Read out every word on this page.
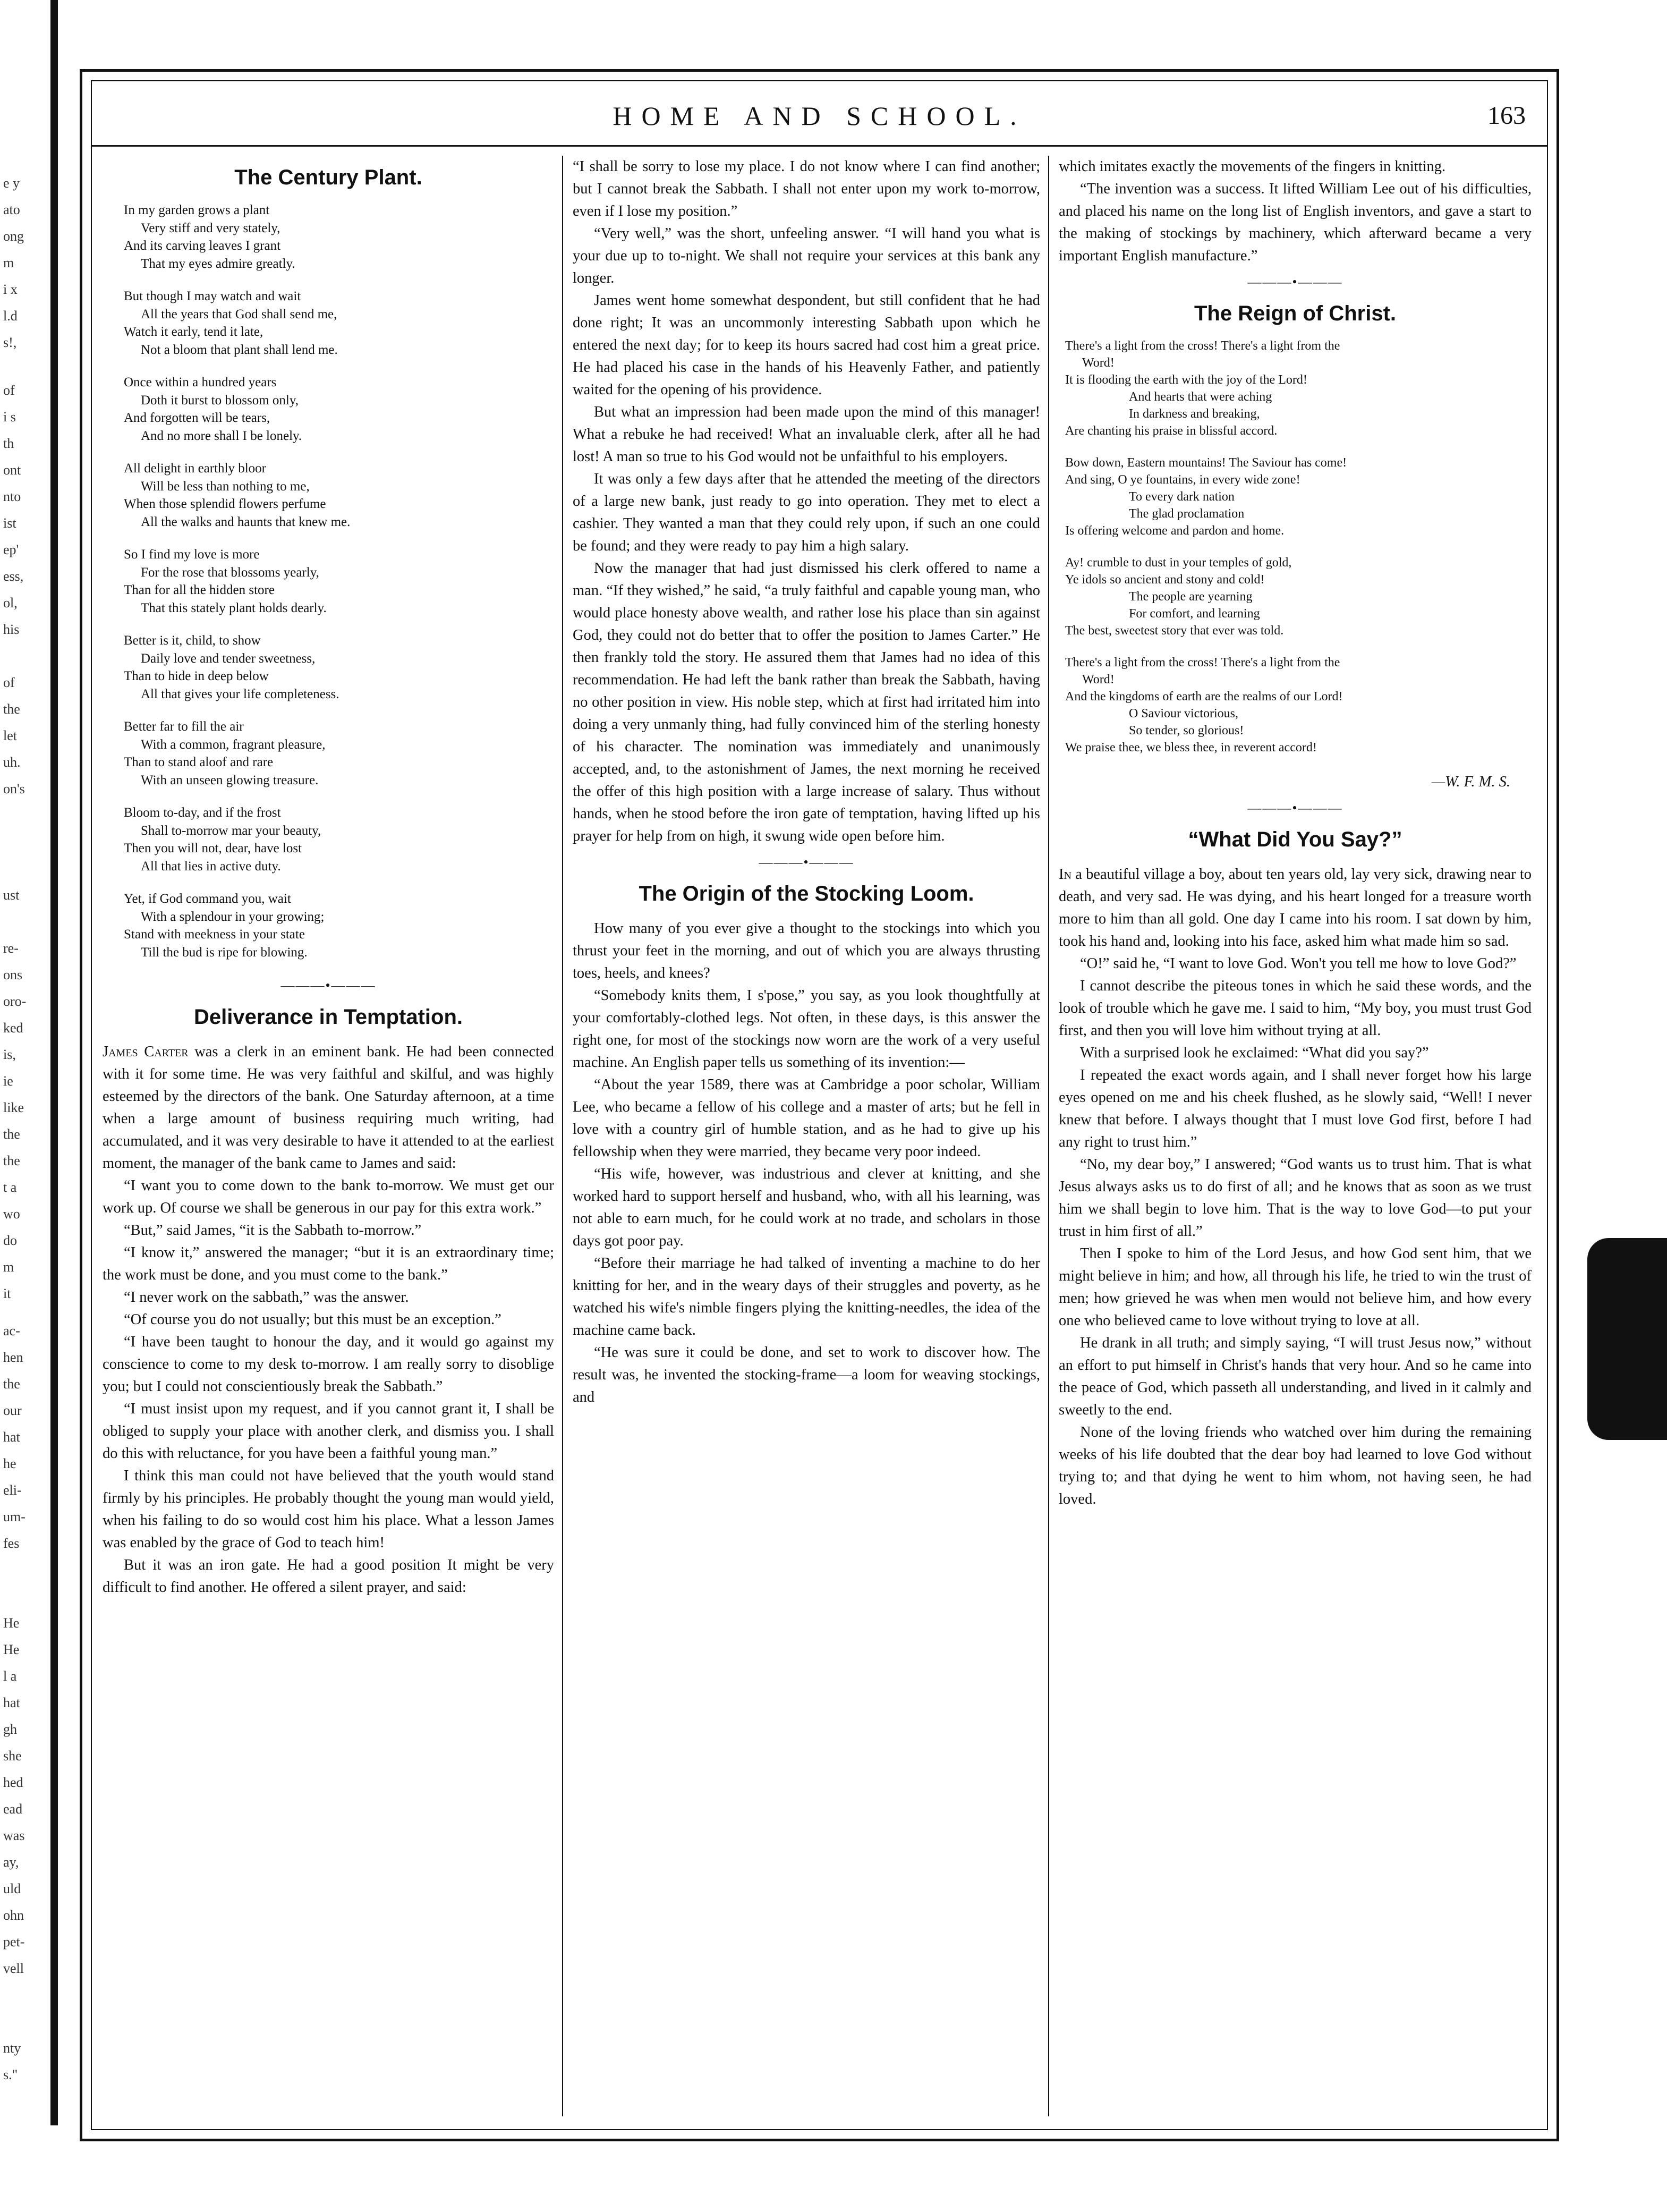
e y
ato
ong
m
i x
l.d
s!,
of
i s
th
ont
nto
ist
ep'
ess,
ol,
his
of
the
let
uh.
on's
ust
re-
ons
oro-
ked
is,
ie
like
the
the
t a
wo
do
m
it
ac-
hen
the
our
hat
he
eli-
um-
fes
He
He
l a
hat
gh
she
hed
ead
was
ay,
uld
ohn
pet-
vell
nty
s."
HOME AND SCHOOL.	163
The Century Plant.
In my garden grows a plant
Very stiff and very stately,
And its carving leaves I grant
That my eyes admire greatly.
But though I may watch and wait
All the years that God shall send me,
Watch it early, tend it late,
Not a bloom that plant shall lend me.
Once within a hundred years
Doth it burst to blossom only,
And forgotten will be tears,
And no more shall I be lonely.
All delight in earthly bloor
Will be less than nothing to me,
When those splendid flowers perfume
All the walks and haunts that knew me.
So I find my love is more
For the rose that blossoms yearly,
Than for all the hidden store
That this stately plant holds dearly.
Better is it, child, to show
Daily love and tender sweetness,
Than to hide in deep below
All that gives your life completeness.
Better far to fill the air
With a common, fragrant pleasure,
Than to stand aloof and rare
With an unseen glowing treasure.
Bloom to-day, and if the frost
Shall to-morrow mar your beauty,
Then you will not, dear, have lost
All that lies in active duty.
Yet, if God command you, wait
With a splendour in your growing;
Stand with meekness in your state
Till the bud is ripe for blowing.
———•———
Deliverance in Temptation.

James Carter was a clerk in an eminent bank. He had been connected with it for some time. He was very faithful and skilful, and was highly esteemed by the directors of the bank. One Saturday afternoon, at a time when a large amount of business requiring much writing, had accumulated, and it was very desirable to have it attended to at the earliest moment, the manager of the bank came to James and said:

“I want you to come down to the bank to-morrow. We must get our work up. Of course we shall be generous in our pay for this extra work.”

“But,” said James, “it is the Sabbath to-morrow.”

“I know it,” answered the manager; “but it is an extraordinary time; the work must be done, and you must come to the bank.”

“I never work on the sabbath,” was the answer.

“Of course you do not usually; but this must be an exception.”

“I have been taught to honour the day, and it would go against my conscience to come to my desk to-morrow. I am really sorry to disoblige you; but I could not conscientiously break the Sabbath.”

“I must insist upon my request, and if you cannot grant it, I shall be obliged to supply your place with another clerk, and dismiss you. I shall do this with reluctance, for you have been a faithful young man.”

I think this man could not have believed that the youth would stand firmly by his principles. He probably thought the young man would yield, when his failing to do so would cost him his place. What a lesson James was enabled by the grace of God to teach him!

But it was an iron gate. He had a good position It might be very difficult to find another. He offered a silent prayer, and said:

“I shall be sorry to lose my place. I do not know where I can find another; but I cannot break the Sabbath. I shall not enter upon my work to-morrow, even if I lose my position.”

“Very well,” was the short, unfeeling answer. “I will hand you what is your due up to to-night. We shall not require your services at this bank any longer.

James went home somewhat despondent, but still confident that he had done right; It was an uncommonly interesting Sabbath upon which he entered the next day; for to keep its hours sacred had cost him a great price. He had placed his case in the hands of his Heavenly Father, and patiently waited for the opening of his providence.

But what an impression had been made upon the mind of this manager! What a rebuke he had received! What an invaluable clerk, after all he had lost! A man so true to his God would not be unfaithful to his employers.

It was only a few days after that he attended the meeting of the directors of a large new bank, just ready to go into operation. They met to elect a cashier. They wanted a man that they could rely upon, if such an one could be found; and they were ready to pay him a high salary.

Now the manager that had just dismissed his clerk offered to name a man. “If they wished,” he said, “a truly faithful and capable young man, who would place honesty above wealth, and rather lose his place than sin against God, they could not do better that to offer the position to James Carter.” He then frankly told the story. He assured them that James had no idea of this recommendation. He had left the bank rather than break the Sabbath, having no other position in view. His noble step, which at first had irritated him into doing a very unmanly thing, had fully convinced him of the sterling honesty of his character. The nomination was immediately and unanimously accepted, and, to the astonishment of James, the next morning he received the offer of this high position with a large increase of salary. Thus without hands, when he stood before the iron gate of temptation, having lifted up his prayer for help from on high, it swung wide open before him.

———•———
The Origin of the Stocking Loom.

How many of you ever give a thought to the stockings into which you thrust your feet in the morning, and out of which you are always thrusting toes, heels, and knees?

“Somebody knits them, I s'pose,” you say, as you look thoughtfully at your comfortably-clothed legs. Not often, in these days, is this answer the right one, for most of the stockings now worn are the work of a very useful machine. An English paper tells us something of its invention:—

“About the year 1589, there was at Cambridge a poor scholar, William Lee, who became a fellow of his college and a master of arts; but he fell in love with a country girl of humble station, and as he had to give up his fellowship when they were married, they became very poor indeed.

“His wife, however, was industrious and clever at knitting, and she worked hard to support herself and husband, who, with all his learning, was not able to earn much, for he could work at no trade, and scholars in those days got poor pay.

“Before their marriage he had talked of inventing a machine to do her knitting for her, and in the weary days of their struggles and poverty, as he watched his wife's nimble fingers plying the knitting-needles, the idea of the machine came back.

“He was sure it could be done, and set to work to discover how. The result was, he invented the stocking-frame—a loom for weaving stockings, and

which imitates exactly the movements of the fingers in knitting.

“The invention was a success. It lifted William Lee out of his difficulties, and placed his name on the long list of English inventors, and gave a start to the making of stockings by machinery, which afterward became a very important English manufacture.”

———•———
The Reign of Christ.
There's a light from the cross! There's a light from the
Word!
It is flooding the earth with the joy of the Lord!
And hearts that were aching
In darkness and breaking,
Are chanting his praise in blissful accord.
Bow down, Eastern mountains! The Saviour has come!
And sing, O ye fountains, in every wide zone!
To every dark nation
The glad proclamation
Is offering welcome and pardon and home.
Ay! crumble to dust in your temples of gold,
Ye idols so ancient and stony and cold!
The people are yearning
For comfort, and learning
The best, sweetest story that ever was told.
There's a light from the cross! There's a light from the
Word!
And the kingdoms of earth are the realms of our Lord!
O Saviour victorious,
So tender, so glorious!
We praise thee, we bless thee, in reverent accord!
—W. F. M. S.
———•———
“What Did You Say?”

In a beautiful village a boy, about ten years old, lay very sick, drawing near to death, and very sad. He was dying, and his heart longed for a treasure worth more to him than all gold. One day I came into his room. I sat down by him, took his hand and, looking into his face, asked him what made him so sad.

“O!” said he, “I want to love God. Won't you tell me how to love God?”

I cannot describe the piteous tones in which he said these words, and the look of trouble which he gave me. I said to him, “My boy, you must trust God first, and then you will love him without trying at all.

With a surprised look he exclaimed: “What did you say?”

I repeated the exact words again, and I shall never forget how his large eyes opened on me and his cheek flushed, as he slowly said, “Well! I never knew that before. I always thought that I must love God first, before I had any right to trust him.”

“No, my dear boy,” I answered; “God wants us to trust him. That is what Jesus always asks us to do first of all; and he knows that as soon as we trust him we shall begin to love him. That is the way to love God—to put your trust in him first of all.”

Then I spoke to him of the Lord Jesus, and how God sent him, that we might believe in him; and how, all through his life, he tried to win the trust of men; how grieved he was when men would not believe him, and how every one who believed came to love without trying to love at all.

He drank in all truth; and simply saying, “I will trust Jesus now,” without an effort to put himself in Christ's hands that very hour. And so he came into the peace of God, which passeth all understanding, and lived in it calmly and sweetly to the end.

None of the loving friends who watched over him during the remaining weeks of his life doubted that the dear boy had learned to love God without trying to; and that dying he went to him whom, not having seen, he had loved.
